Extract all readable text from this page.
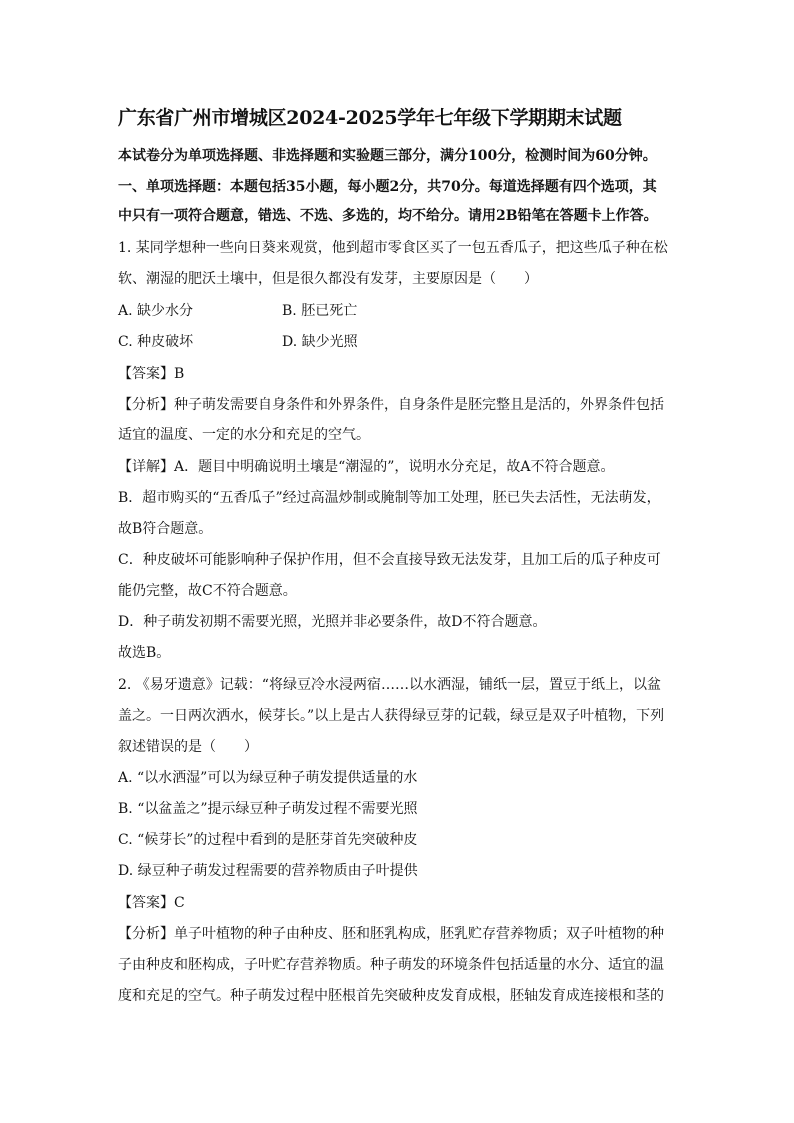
广东省广州市增城区2024-2025学年七年级下学期期末试题
本试卷分为单项选择题、非选择题和实验题三部分，满分100分，检测时间为60分钟。
一、单项选择题：本题包括35小题，每小题2分，共70分。每道选择题有四个选项，其
中只有一项符合题意，错选、不选、多选的，均不给分。请用2B铅笔在答题卡上作答。
1. 某同学想种一些向日葵来观赏，他到超市零食区买了一包五香瓜子，把这些瓜子种在松
软、潮湿的肥沃土壤中，但是很久都没有发芽，主要原因是（　　）
A. 缺少水分	B. 胚已死亡
C. 种皮破坏	D. 缺少光照
【答案】B
【分析】种子萌发需要自身条件和外界条件，自身条件是胚完整且是活的，外界条件包括
适宜的温度、一定的水分和充足的空气。
【详解】A．题目中明确说明土壤是“潮湿的”，说明水分充足，故A不符合题意。
B．超市购买的“五香瓜子”经过高温炒制或腌制等加工处理，胚已失去活性，无法萌发，
故B符合题意。
C．种皮破坏可能影响种子保护作用，但不会直接导致无法发芽，且加工后的瓜子种皮可
能仍完整，故C不符合题意。
D．种子萌发初期不需要光照，光照并非必要条件，故D不符合题意。
故选B。
2. 《易牙遗意》记载：“将绿豆冷水浸两宿……以水洒湿，铺纸一层，置豆于纸上，以盆
盖之。一日两次洒水，候芽长。”以上是古人获得绿豆芽的记载，绿豆是双子叶植物，下列
叙述错误的是（　　）
A. “以水洒湿”可以为绿豆种子萌发提供适量的水
B. “以盆盖之”提示绿豆种子萌发过程不需要光照
C. “候芽长”的过程中看到的是胚芽首先突破种皮
D. 绿豆种子萌发过程需要的营养物质由子叶提供
【答案】C
【分析】单子叶植物的种子由种皮、胚和胚乳构成，胚乳贮存营养物质；双子叶植物的种
子由种皮和胚构成，子叶贮存营养物质。种子萌发的环境条件包括适量的水分、适宜的温
度和充足的空气。种子萌发过程中胚根首先突破种皮发育成根，胚轴发育成连接根和茎的
